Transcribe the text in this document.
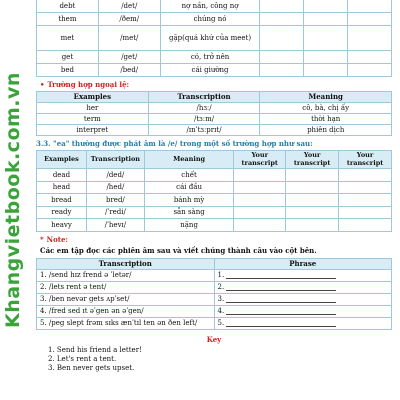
Khangvietbook.com.vn
debt	/det/	nợ nần, công nợ			
them	/ðem/	chúng nó			
met	/met/	gặp(quá khứ của meet)			
get	/get/	có, trở nên			
bed	/bed/	cái giường			
• Trường hợp ngoại lệ:
Examples	Transcription	Meaning
her	/hɜː/	cô, bà, chị ấy
term	/tɜːm/	thời hạn
interpret	/ɪnˈtɜːprɪt/	phiên dịch
3.3. "ea" thường được phát âm là /e/ trong một số trường hợp như sau:
Examples	Transcription	Meaning	Your transcript	Your transcript	Your transcript
dead	/ded/	chết			
head	/hed/	cái đầu			
bread	bred/	bánh mỳ			
ready	/ˈredi/	sẵn sàng			
heavy	/ˈhevɪ/	nặng			
* Note:
Các em tập đọc các phiên âm sau và viết chúng thành câu vào cột bên.
Transcription	Phrase
1. /send hɪz frend ə ˈletər/	1.
2. /lets rent ə tent/	2.
3. /ben nevər gets ʌpˈset/	3.
4. /fred sed ɪt əˈgen ən əˈgen/	4.
5. /peg slept frəm sɪks ænˈtɪl ten ən ðen left/	5.
Key
1. Send his friend a letter!
2. Let's rent a tent.
3. Ben never gets upset.
